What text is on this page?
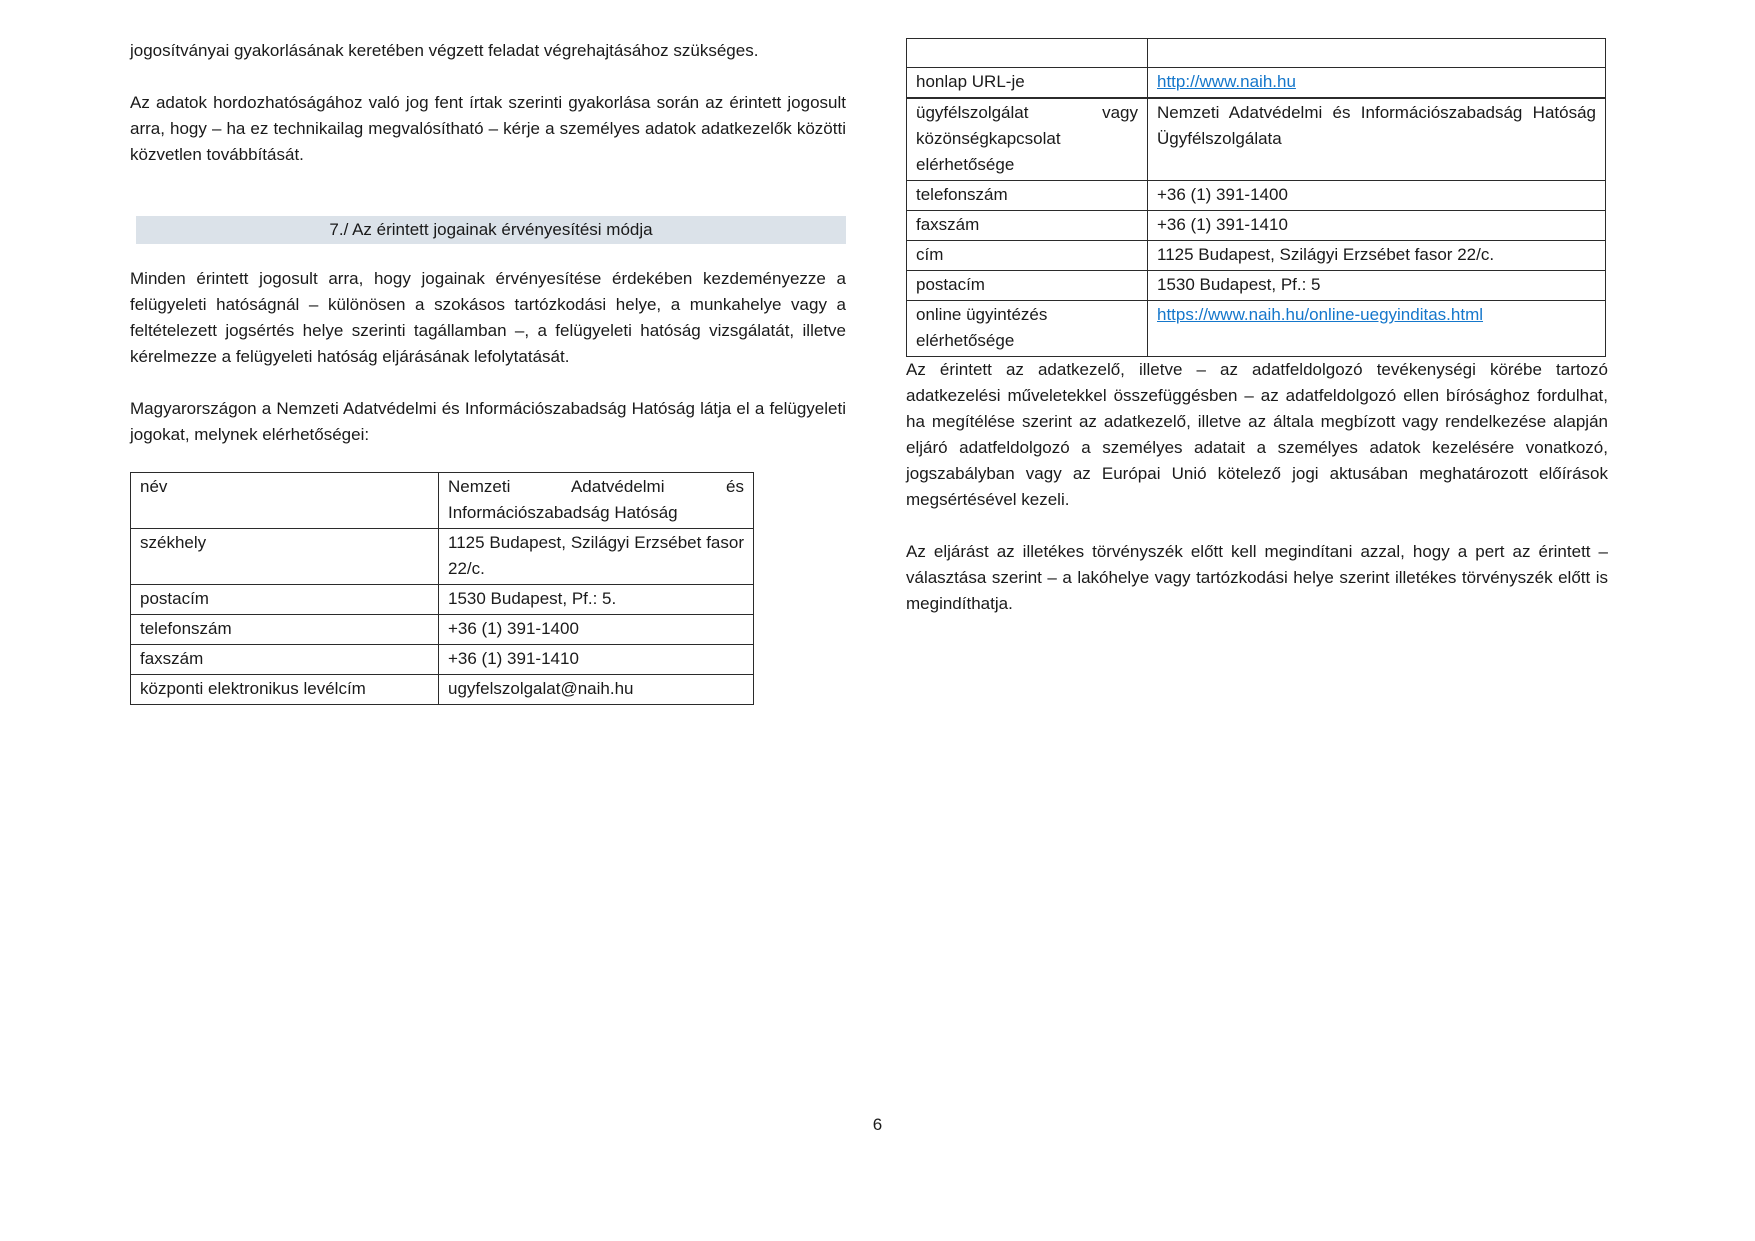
jogosítványai gyakorlásának keretében végzett feladat végrehajtásához szükséges.

Az adatok hordozhatóságához való jog fent írtak szerinti gyakorlása során az érintett jogosult arra, hogy – ha ez technikailag megvalósítható – kérje a személyes adatok adatkezelők közötti közvetlen továbbítását.

7./ Az érintett jogainak érvényesítési módja

Minden érintett jogosult arra, hogy jogainak érvényesítése érdekében kezdeményezze a felügyeleti hatóságnál – különösen a szokásos tartózkodási helye, a munkahelye vagy a feltételezett jogsértés helye szerinti tagállamban –, a felügyeleti hatóság vizsgálatát, illetve kérelmezze a felügyeleti hatóság eljárásának lefolytatását.

Magyarországon a Nemzeti Adatvédelmi és Információszabadság Hatóság látja el a felügyeleti jogokat, melynek elérhetőségei:

név	Nemzeti Adatvédelmi és Információszabadság Hatóság
székhely	1125 Budapest, Szilágyi Erzsébet fasor 22/c.
postacím	1530 Budapest, Pf.: 5.
telefonszám	+36 (1) 391-1400
faxszám	+36 (1) 391-1410
központi elektronikus levélcím	ugyfelszolgalat@naih.hu

honlap URL-je	http://www.naih.hu
ügyfélszolgálat vagy közönségkapcsolat elérhetősége	Nemzeti Adatvédelmi és Információszabadság Hatóság Ügyfélszolgálata
telefonszám	+36 (1) 391-1400
faxszám	+36 (1) 391-1410
cím	1125 Budapest, Szilágyi Erzsébet fasor 22/c.
postacím	1530 Budapest, Pf.: 5
online ügyintézés elérhetősége	https://www.naih.hu/online-uegyinditas.html

Az érintett az adatkezelő, illetve – az adatfeldolgozó tevékenységi körébe tartozó adatkezelési műveletekkel összefüggésben – az adatfeldolgozó ellen bírósághoz fordulhat, ha megítélése szerint az adatkezelő, illetve az általa megbízott vagy rendelkezése alapján eljáró adatfeldolgozó a személyes adatait a személyes adatok kezelésére vonatkozó, jogszabályban vagy az Európai Unió kötelező jogi aktusában meghatározott előírások megsértésével kezeli.

Az eljárást az illetékes törvényszék előtt kell megindítani azzal, hogy a pert az érintett – választása szerint – a lakóhelye vagy tartózkodási helye szerint illetékes törvényszék előtt is megindíthatja.

6
